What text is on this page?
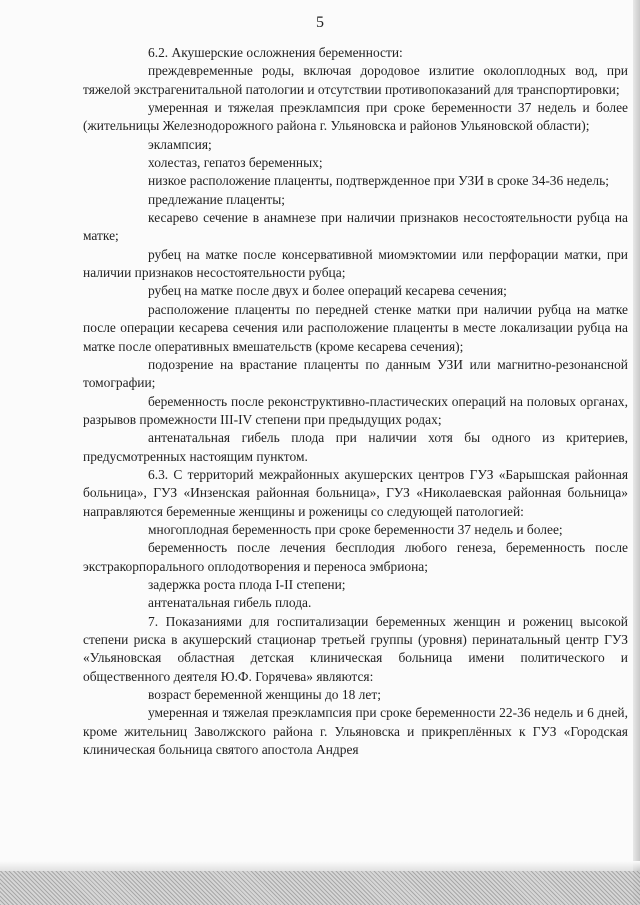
5

6.2. Акушерские осложнения беременности:

преждевременные роды, включая дородовое излитие околоплодных вод, при тяжелой экстрагенитальной патологии и отсутствии противопоказаний для транспортировки;

умеренная и тяжелая преэклампсия при сроке беременности 37 недель и более (жительницы Железнодорожного района г. Ульяновска и районов Ульяновской области);

эклампсия;

холестаз, гепатоз беременных;

низкое расположение плаценты, подтвержденное при УЗИ в сроке 34-36 недель;

предлежание плаценты;

кесарево сечение в анамнезе при наличии признаков несостоятельности рубца на матке;

рубец на матке после консервативной миомэктомии или перфорации матки, при наличии признаков несостоятельности рубца;

рубец на матке после двух и более операций кесарева сечения;

расположение плаценты по передней стенке матки при наличии рубца на матке после операции кесарева сечения или расположение плаценты в месте локализации рубца на матке после оперативных вмешательств (кроме кесарева сечения);

подозрение на врастание плаценты по данным УЗИ или магнитно-резонансной томографии;

беременность после реконструктивно-пластических операций на половых органах, разрывов промежности III-IV степени при предыдущих родах;

антенатальная гибель плода при наличии хотя бы одного из критериев, предусмотренных настоящим пунктом.

6.3. С территорий межрайонных акушерских центров ГУЗ «Барышская районная больница», ГУЗ «Инзенская районная больница», ГУЗ «Николаевская районная больница» направляются беременные женщины и роженицы со следующей патологией:

многоплодная беременность при сроке беременности 37 недель и более;

беременность после лечения бесплодия любого генеза, беременность после экстракорпорального оплодотворения и переноса эмбриона;

задержка роста плода I-II степени;

антенатальная гибель плода.

7. Показаниями для госпитализации беременных женщин и рожениц высокой степени риска в акушерский стационар третьей группы (уровня) перинатальный центр ГУЗ «Ульяновская областная детская клиническая больница имени политического и общественного деятеля Ю.Ф. Горячева» являются:

возраст беременной женщины до 18 лет;

умеренная и тяжелая преэклампсия при сроке беременности 22-36 недель и 6 дней, кроме жительниц Заволжского района г. Ульяновска и прикреплённых к ГУЗ «Городская клиническая больница святого апостола Андрея
